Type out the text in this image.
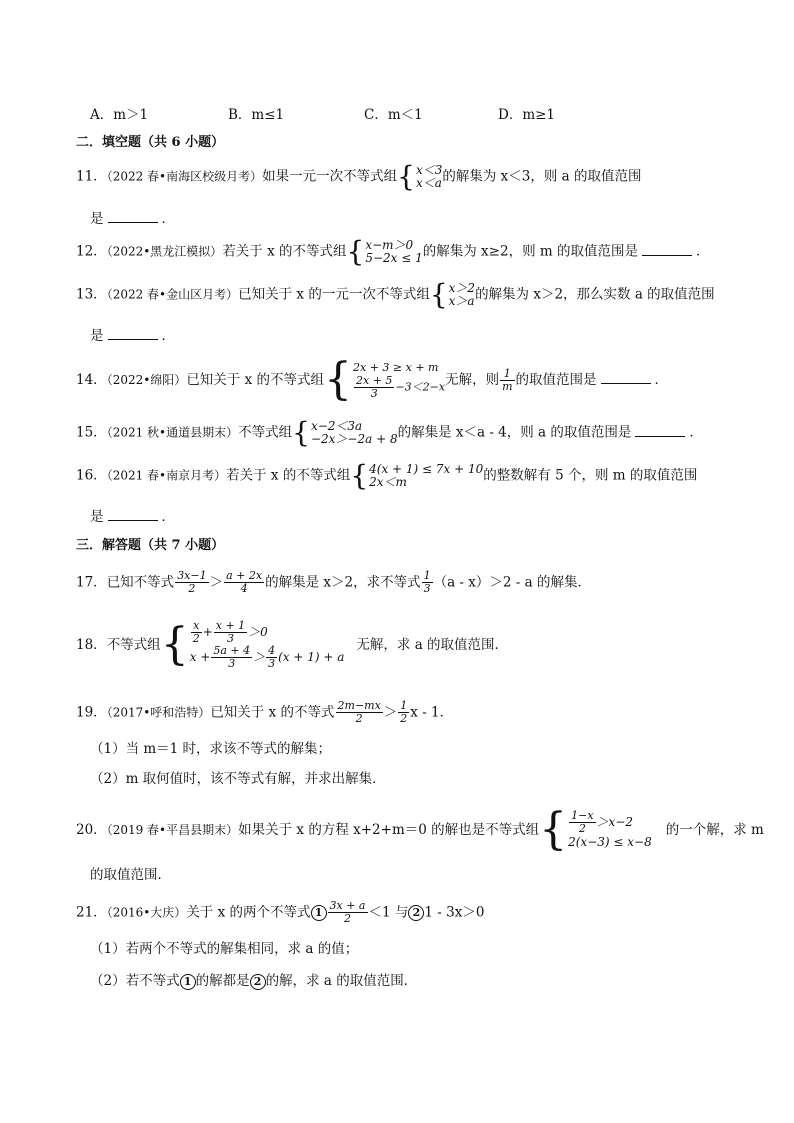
A．m＞1	B．m≤1	C．m＜1	D．m≥1
二．填空题（共 6 小题）
11．（2022 春•南海区校级月考）如果一元一次不等式组{ x＜3
x＜a 的解集为 x＜3，则 a 的取值范围
是	．
12．（2022•黑龙江模拟）若关于 x 的不等式组{ x−m＞0
5−2x ≤ 1 的解集为 x≥2，则 m 的取值范围是	．
13．（2022 春•金山区月考）已知关于 x 的一元一次不等式组{ x＞2
x＞a 的解集为 x＞2，那么实数 a 的取值范围
是	．
14．（2022•绵阳）已知关于 x 的不等式组{ 2x + 3 ≥ x + m
$\frac{2x + 5}{3} -3<2-x$ 无解，则 $\frac{1}{m}$ 的取值范围是	．
15．（2021 秋•通道县期末）不等式组{ x−2＜3a
−2x＞−2a + 8 的解集是 x＜a - 4，则 a 的取值范围是	．
16．（2021 春•南京月考）若关于 x 的不等式组{ 4(x + 1) ≤ 7x + 10
2x＜m	的整数解有 5 个，则 m 的取值范围
是	．
三．解答题（共 7 小题）
17．已知不等式 $\frac{3x-1}{2} > \frac{a + 2x}{4}$ 的解集是 x＞2，求不等式 $\frac{1}{3} (a - x)>2 - a$ 的解集．
18．不等式组{ $\frac{x}{2} + \frac{x + 1}{3} >0$
$x + \frac{5a + 4}{3} > \frac{4}{3} (x + 1) + a$
无解，求 a 的取值范围．
19．（2017•呼和浩特）已知关于 x 的不等式 $\frac{2m-mx}{2} > \frac{1}{2}$ x - 1．
（1）当 m＝1 时，求该不等式的解集；
（2）m 取何值时，该不等式有解，并求出解集．
20．（2019 春•平昌县期末）如果关于 x 的方程 x+2+m＝0 的解也是不等式组{ $\frac{1-x}{2} >x-2$
2(x−3) ≤ x−8
的一个解，求 m
的取值范围．
21．（2016•大庆）关于 x 的两个不等式 $1 \frac{3x + a}{2} <1$ 与 2 1 - 3x＞0
（1）若两个不等式的解集相同，求 a 的值；
（2）若不等式 1 的解都是 2 的解，求 a 的取值范围．
